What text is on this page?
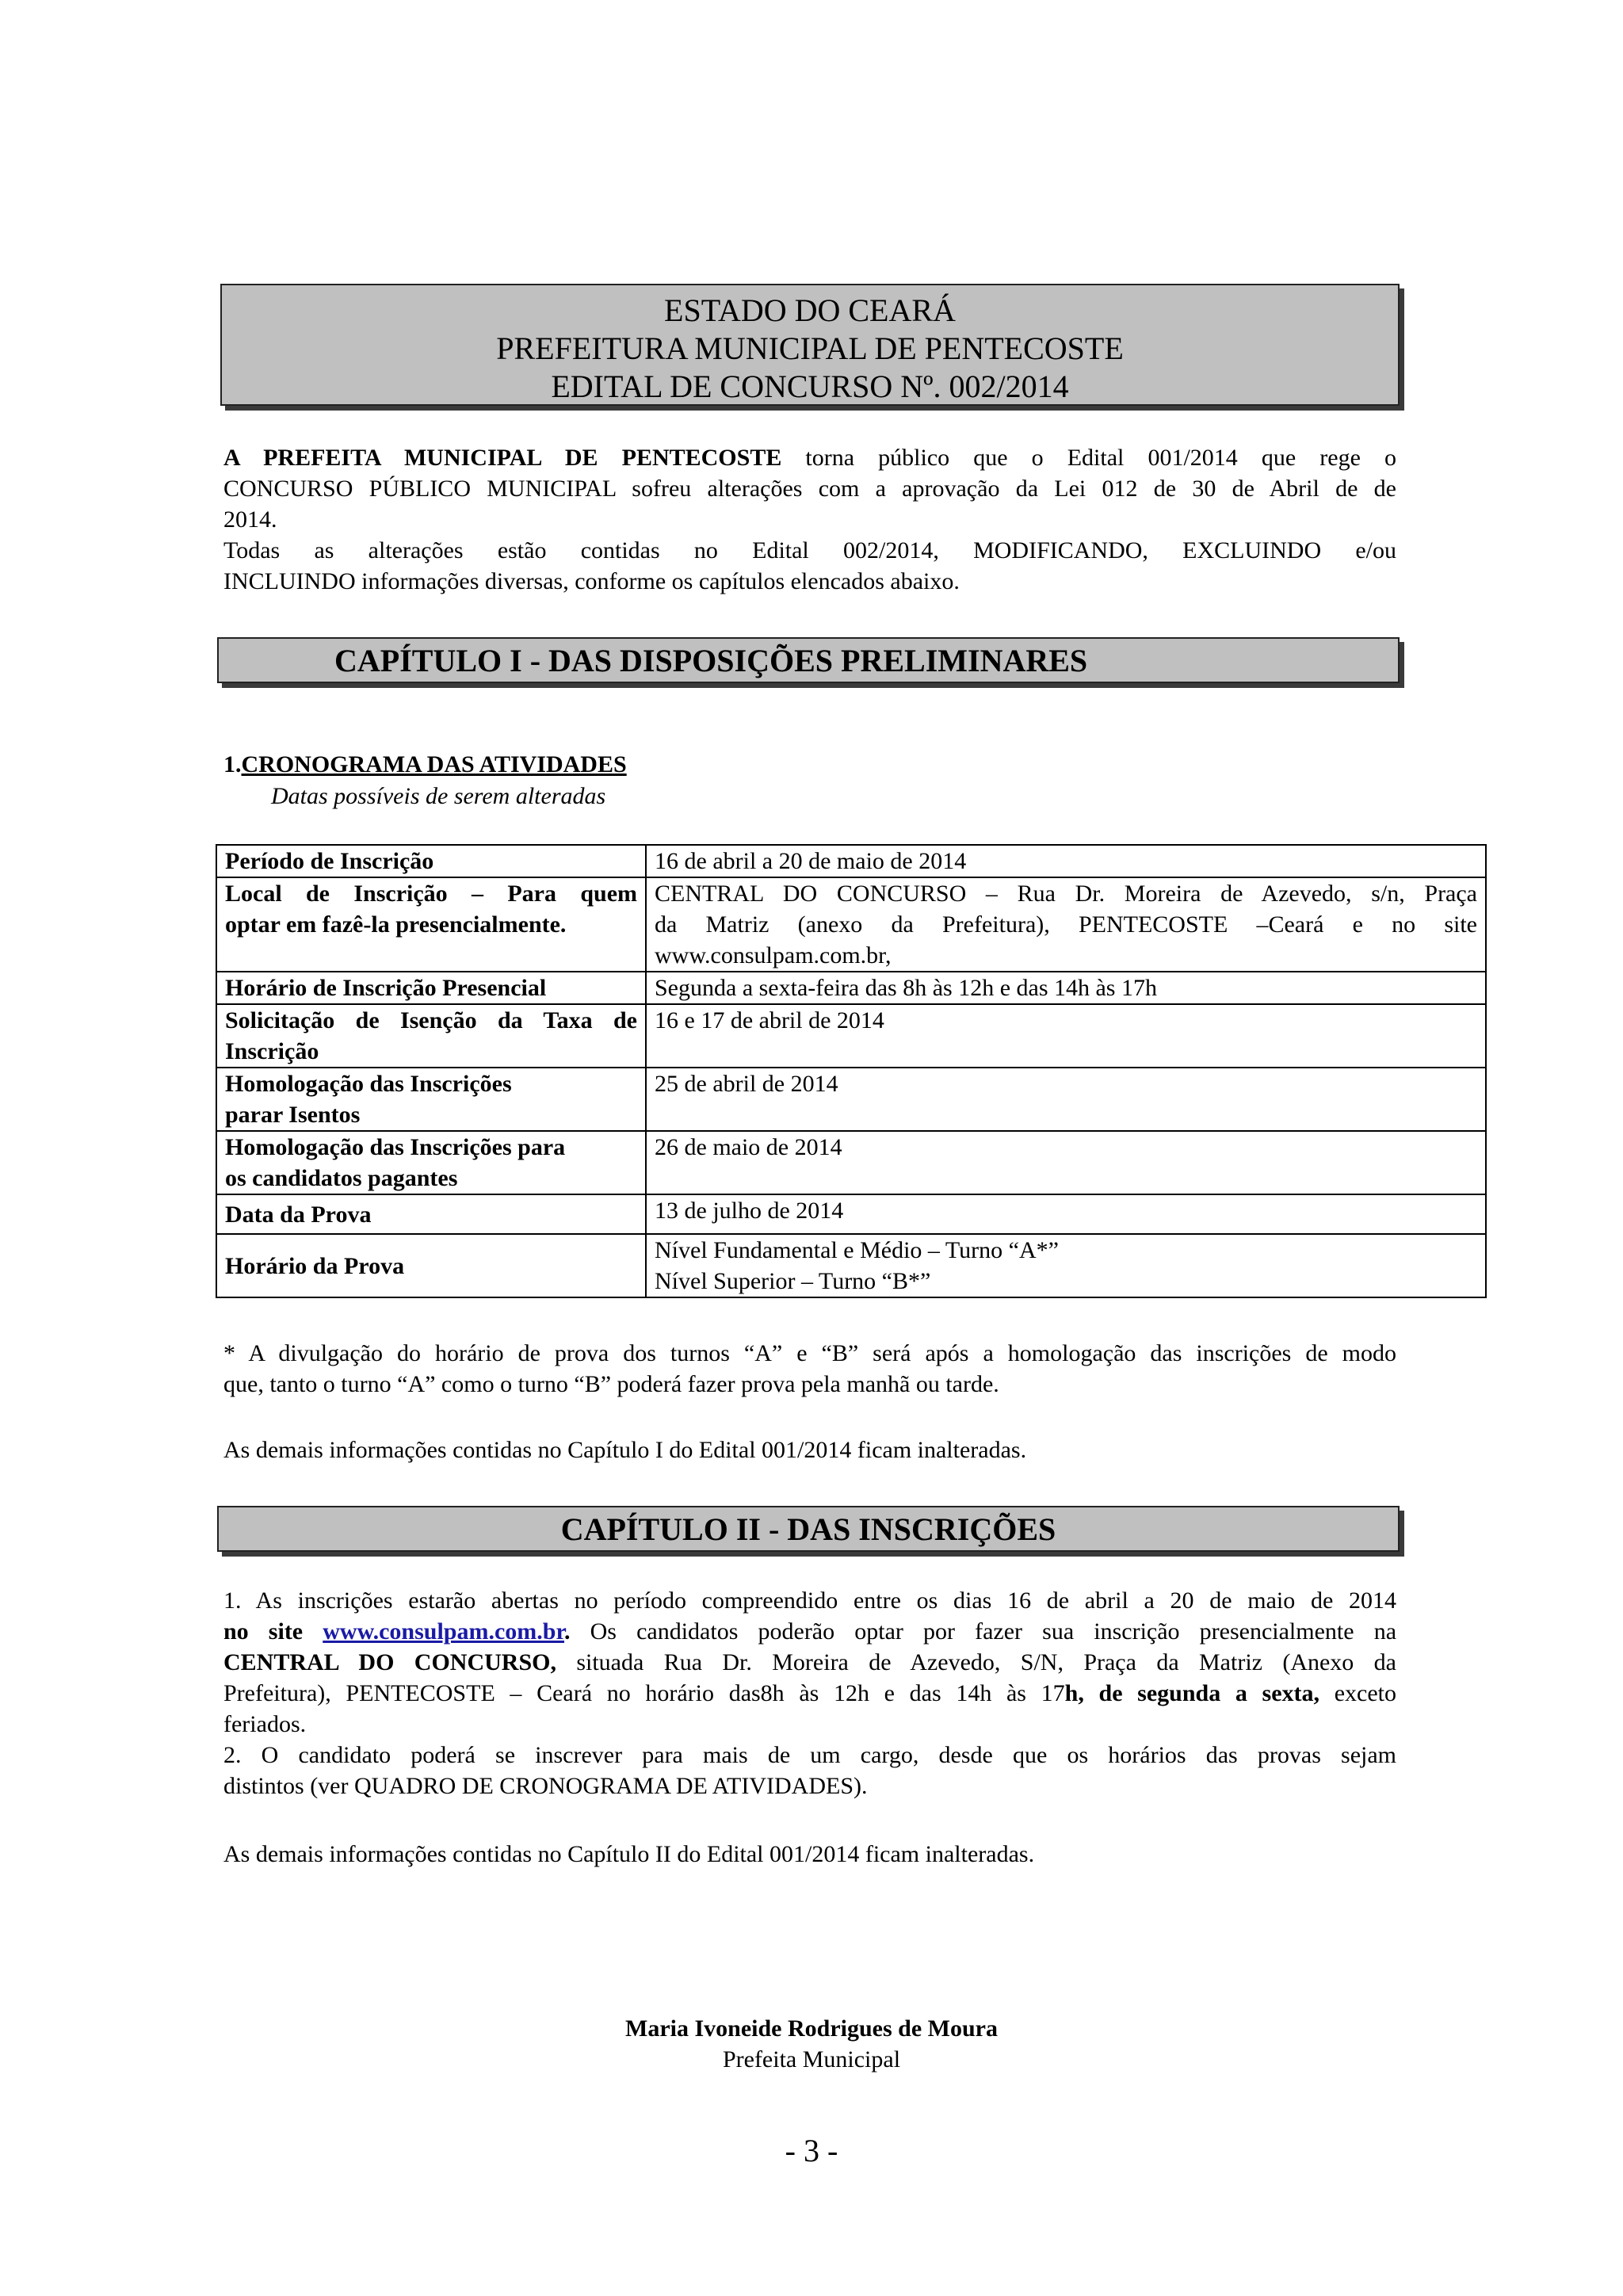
ESTADO DO CEARÁ
PREFEITURA MUNICIPAL DE PENTECOSTE
EDITAL DE CONCURSO Nº. 002/2014
A PREFEITA MUNICIPAL DE PENTECOSTE torna público que o Edital 001/2014 que rege o
CONCURSO PÚBLICO MUNICIPAL sofreu alterações com a aprovação da Lei 012 de 30 de Abril de de
2014.
Todas as alterações estão contidas no Edital 002/2014, MODIFICANDO, EXCLUINDO e/ou
INCLUINDO informações diversas, conforme os capítulos elencados abaixo.
CAPÍTULO I - DAS DISPOSIÇÕES PRELIMINARES
1.CRONOGRAMA DAS ATIVIDADES
Datas possíveis de serem alteradas
Período de Inscrição	16 de abril a 20 de maio de 2014

Local de Inscrição – Para quem
optar em fazê-la presencialmente.	CENTRAL DO CONCURSO – Rua Dr. Moreira de Azevedo, s/n, Praça
da Matriz (anexo da Prefeitura), PENTECOSTE –Ceará e no site
www.consulpam.com.br,

Horário de Inscrição Presencial	Segunda a sexta-feira das 8h às 12h e das 14h às 17h

Solicitação de Isenção da Taxa de
Inscrição	16 e 17 de abril de 2014

Homologação das Inscrições
parar Isentos	25 de abril de 2014

Homologação das Inscrições para
os candidatos pagantes	26 de maio de 2014
Data da Prova	13 de julho de 2014
Horário da Prova	Nível Fundamental e Médio – Turno “A*”
Nível Superior – Turno “B*”
* A divulgação do horário de prova dos turnos “A” e “B” será após a homologação das inscrições de modo
que, tanto o turno “A” como o turno “B” poderá fazer prova pela manhã ou tarde.
As demais informações contidas no Capítulo I do Edital 001/2014 ficam inalteradas.
CAPÍTULO II - DAS INSCRIÇÕES
1. As inscrições estarão abertas no período compreendido entre os dias 16 de abril a 20 de maio de 2014
no site www.consulpam.com.br. Os candidatos poderão optar por fazer sua inscrição presencialmente na
CENTRAL DO CONCURSO, situada Rua Dr. Moreira de Azevedo, S/N, Praça da Matriz (Anexo da
Prefeitura), PENTECOSTE – Ceará no horário das8h às 12h e das 14h às 17h, de segunda a sexta, exceto
feriados.
2. O candidato poderá se inscrever para mais de um cargo, desde que os horários das provas sejam
distintos (ver QUADRO DE CRONOGRAMA DE ATIVIDADES).
As demais informações contidas no Capítulo II do Edital 001/2014 ficam inalteradas.
Maria Ivoneide Rodrigues de Moura
Prefeita Municipal
- 3 -
